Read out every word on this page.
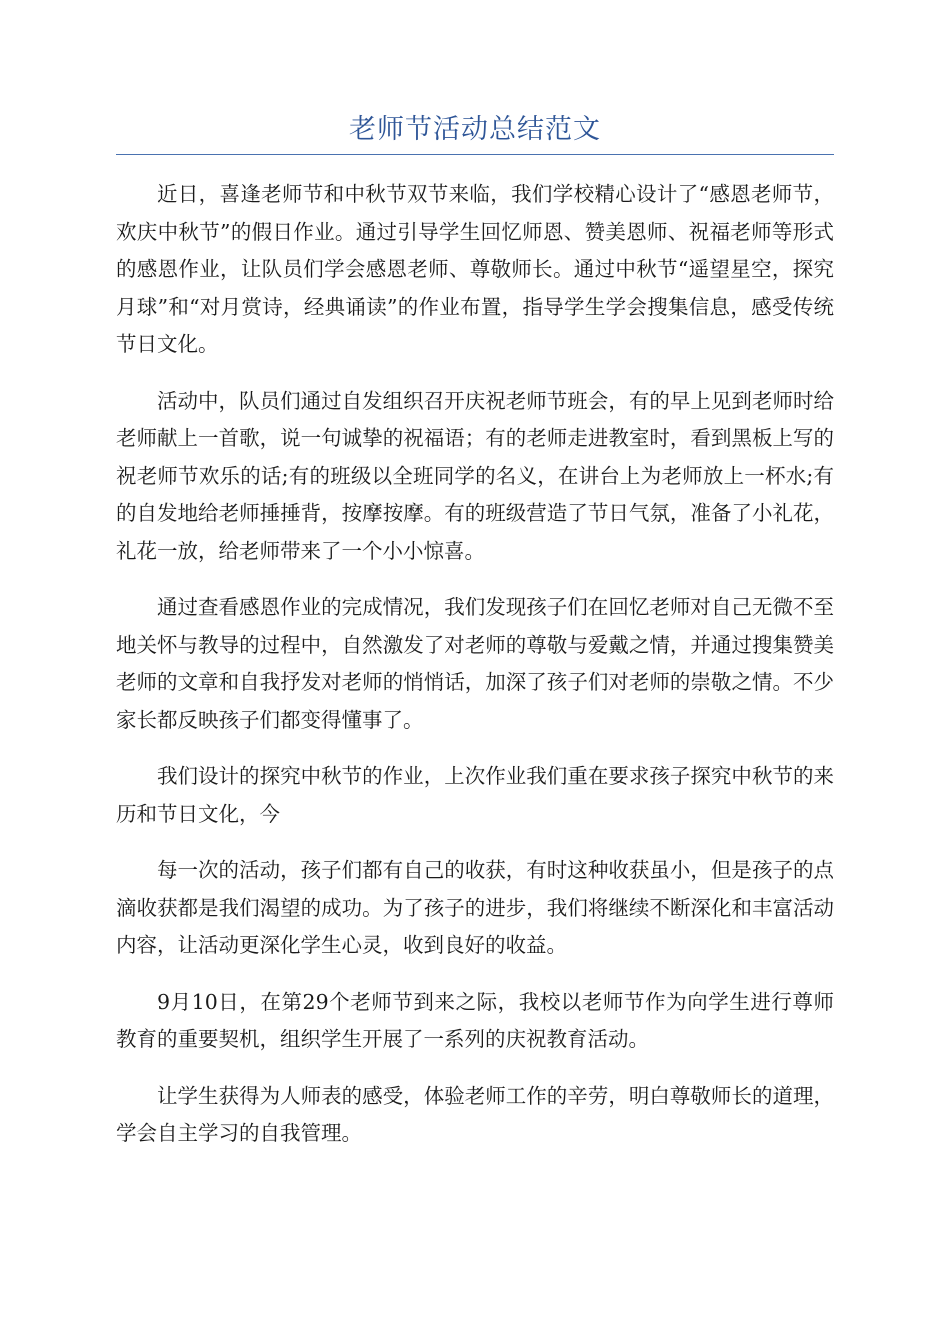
老师节活动总结范文

近日，喜逢老师节和中秋节双节来临，我们学校精心设计了“感恩老师节，欢庆中秋节”的假日作业。通过引导学生回忆师恩、赞美恩师、祝福老师等形式的感恩作业，让队员们学会感恩老师、尊敬师长。通过中秋节“遥望星空，探究月球”和“对月赏诗，经典诵读”的作业布置，指导学生学会搜集信息，感受传统节日文化。

活动中，队员们通过自发组织召开庆祝老师节班会，有的早上见到老师时给老师献上一首歌，说一句诚挚的祝福语；有的老师走进教室时，看到黑板上写的祝老师节欢乐的话;有的班级以全班同学的名义，在讲台上为老师放上一杯水;有的自发地给老师捶捶背，按摩按摩。有的班级营造了节日气氛，准备了小礼花，礼花一放，给老师带来了一个小小惊喜。

通过查看感恩作业的完成情况，我们发现孩子们在回忆老师对自己无微不至地关怀与教导的过程中，自然激发了对老师的尊敬与爱戴之情，并通过搜集赞美老师的文章和自我抒发对老师的悄悄话，加深了孩子们对老师的崇敬之情。不少家长都反映孩子们都变得懂事了。

我们设计的探究中秋节的作业，上次作业我们重在要求孩子探究中秋节的来历和节日文化，今

每一次的活动，孩子们都有自己的收获，有时这种收获虽小，但是孩子的点滴收获都是我们渴望的成功。为了孩子的进步，我们将继续不断深化和丰富活动内容，让活动更深化学生心灵，收到良好的收益。

9月10日，在第29个老师节到来之际，我校以老师节作为向学生进行尊师教育的重要契机，组织学生开展了一系列的庆祝教育活动。

让学生获得为人师表的感受，体验老师工作的辛劳，明白尊敬师长的道理，学会自主学习的自我管理。
